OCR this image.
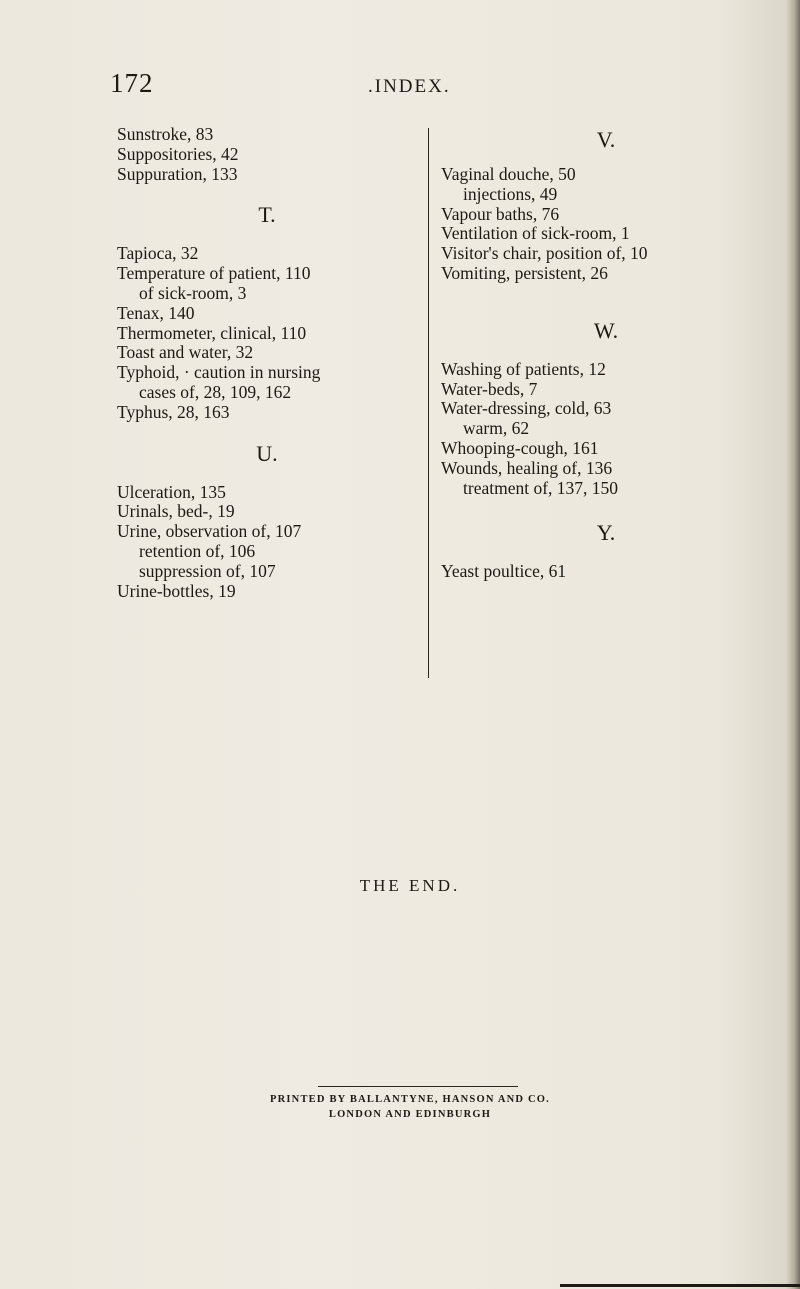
172	.INDEX.
Sunstroke, 83
Suppositories, 42
Suppuration, 133
T.
Tapioca, 32
Temperature of patient, 110
of sick-room, 3
Tenax, 140
Thermometer, clinical, 110
Toast and water, 32
Typhoid, · caution in nursing
cases of, 28, 109, 162
Typhus, 28, 163
U.
Ulceration, 135
Urinals, bed-, 19
Urine, observation of, 107
retention of, 106
suppression of, 107
Urine-bottles, 19
V.
Vaginal douche, 50
injections, 49
Vapour baths, 76
Ventilation of sick-room, 1
Visitor's chair, position of, 10
Vomiting, persistent, 26
W.
Washing of patients, 12
Water-beds, 7
Water-dressing, cold, 63
warm, 62
Whooping-cough, 161
Wounds, healing of, 136
treatment of, 137, 150
Y.
Yeast poultice, 61
THE END.
PRINTED BY BALLANTYNE, HANSON AND CO.
LONDON AND EDINBURGH
